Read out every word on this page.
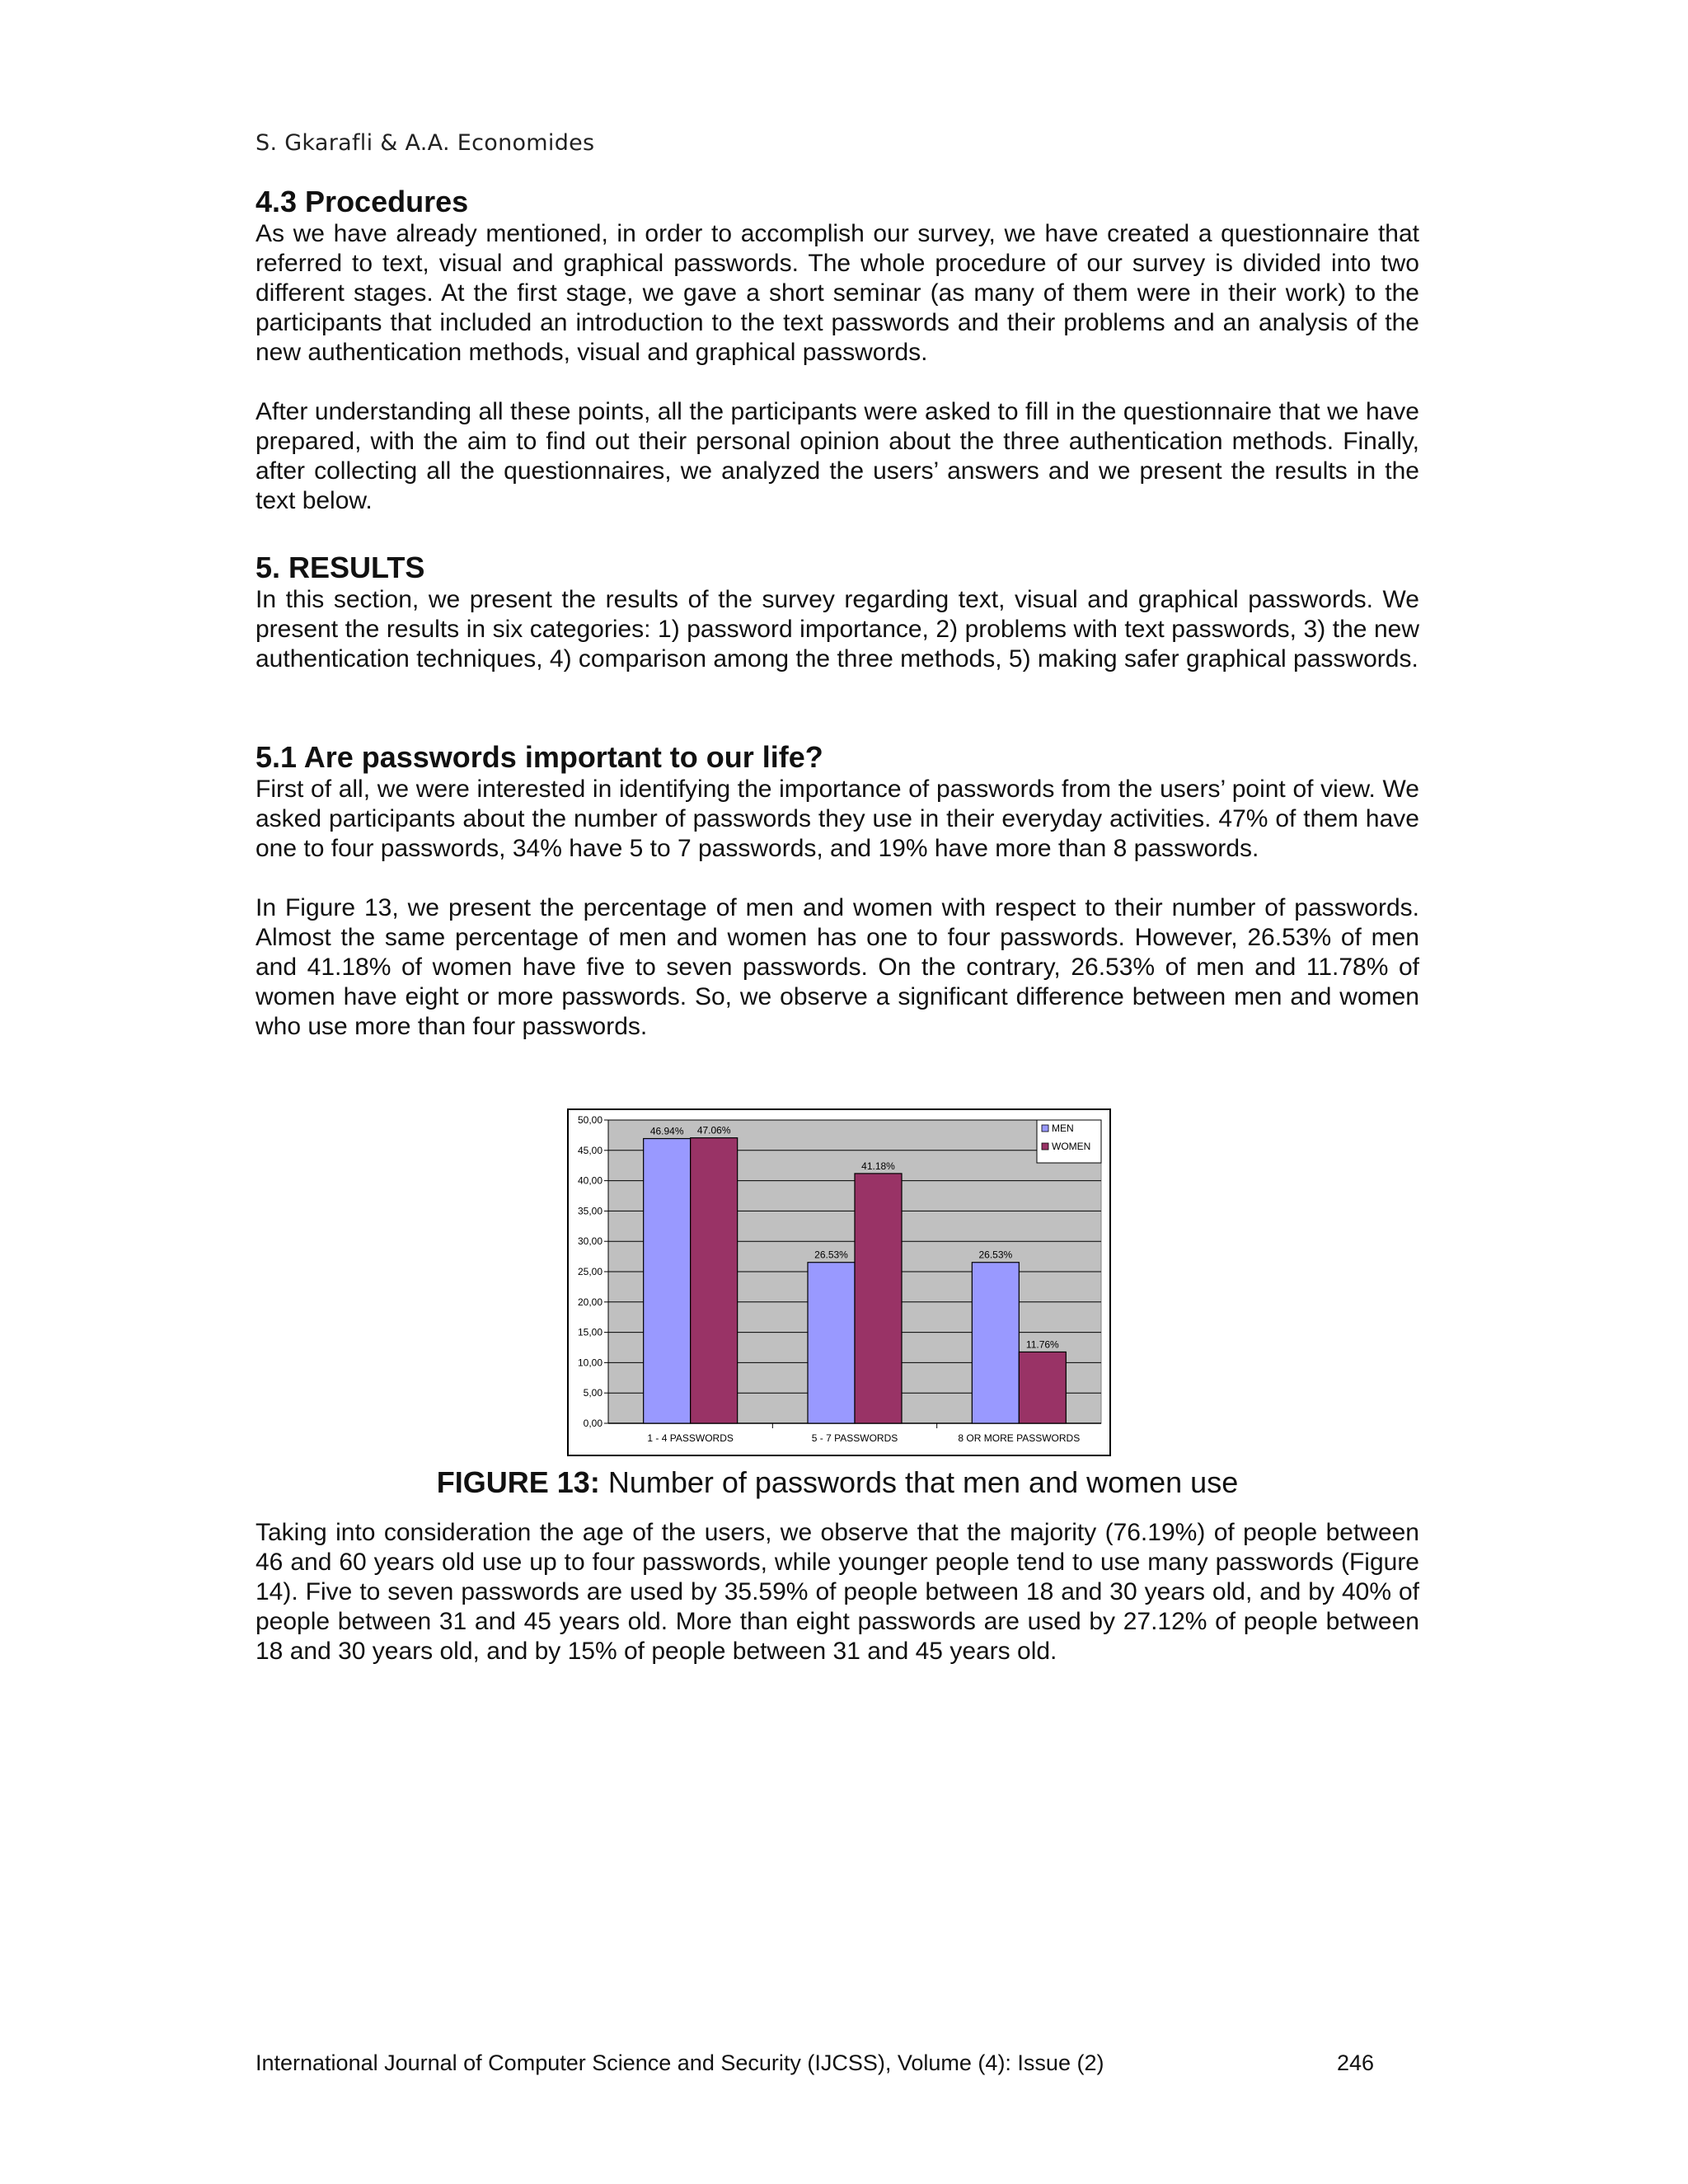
S. Gkarafli & A.A. Economides
4.3 Procedures

As we have already mentioned, in order to accomplish our survey, we have created a questionnaire that referred to text, visual and graphical passwords. The whole procedure of our survey is divided into two different stages. At the first stage, we gave a short seminar (as many of them were in their work) to the participants that included an introduction to the text passwords and their problems and an analysis of the new authentication methods, visual and graphical passwords.

After understanding all these points, all the participants were asked to fill in the questionnaire that we have prepared, with the aim to find out their personal opinion about the three authentication methods. Finally, after collecting all the questionnaires, we analyzed the users’ answers and we present the results in the text below.

5. RESULTS

In this section, we present the results of the survey regarding text, visual and graphical passwords. We present the results in six categories: 1) password importance, 2) problems with text passwords, 3) the new authentication techniques, 4) comparison among the three methods, 5) making safer graphical passwords.

5.1 Are passwords important to our life?

First of all, we were interested in identifying the importance of passwords from the users’ point of view. We asked participants about the number of passwords they use in their everyday activities. 47% of them have one to four passwords, 34% have 5 to 7 passwords, and 19% have more than 8 passwords.

In Figure 13, we present the percentage of men and women with respect to their number of passwords. Almost the same percentage of men and women has one to four passwords. However, 26.53% of men and 41.18% of women have five to seven passwords. On the contrary, 26.53% of men and 11.78% of women have eight or more passwords. So, we observe a significant difference between men and women who use more than four passwords.

0,00
5,00
10,00
15,00
20,00
25,00
30,00
35,00
40,00
45,00
50,00
46.94% 47.06%
1 - 4 PASSWORDS
26.53%
41.18%
5 - 7 PASSWORDS
26.53%
11.76%
8 OR MORE PASSWORDS
MEN
WOMEN
FIGURE 13: Number of passwords that men and women use

Taking into consideration the age of the users, we observe that the majority (76.19%) of people between 46 and 60 years old use up to four passwords, while younger people tend to use many passwords (Figure 14). Five to seven passwords are used by 35.59% of people between 18 and 30 years old, and by 40% of people between 31 and 45 years old. More than eight passwords are used by 27.12% of people between 18 and 30 years old, and by 15% of people between 31 and 45 years old.

International Journal of Computer Science and Security (IJCSS), Volume (4): Issue (2)	246
